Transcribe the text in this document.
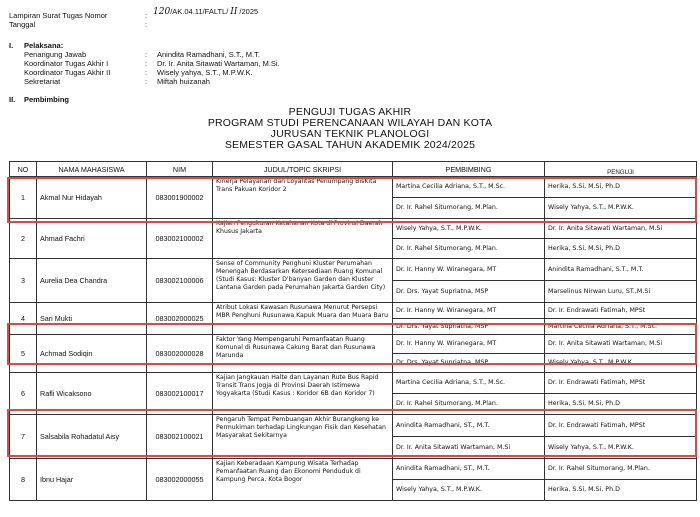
Lampiran Surat Tugas Nomor
Tanggal
:
:
120 /AK.04.11/FALTL/ II /2025
I. Pelaksana:
Penangung Jawab	: Anindita Ramadhani, S.T., M.T.
Koordinator Tugas Akhir I	: Dr. Ir. Anita Sitawati Wartaman, M.Si.
Koordinator Tugas Akhir II	: Wisely yahya, S.T., M.P.W.K.
Sekretariat	: Miftah huizanah
II. Pembimbing
PENGUJI TUGAS AKHIR
PROGRAM STUDI PERENCANAAN WILAYAH DAN KOTA
JURUSAN TEKNIK PLANOLOGI
SEMESTER GASAL TAHUN AKADEMIK 2024/2025
NO	NAMA MAHASISWA	NIM	JUDUL/TOPIC SKRIPSI	PEMBIMBING	PENGUJI
1	Akmal Nur Hidayah	083001900002	Kinerja Pelayanan dan Loyalitas Penumpang BisKita Trans Pakuan Koridor 2	Martina Cecilia Adriana, S.T., M.Sc.	Herika, S.Si, M.Si, Ph.D
				Dr. Ir. Rahel Situmorang, M.Plan.	Wisely Yahya, S.T., M.P.W.K.
2	Ahmad Fachri	083002100002	Kajian Pengukuran Ketahanan Kota di Provinsi Daerah Khusus Jakarta	Wisely Yahya, S.T., M.P.W.K.	Dr. Ir. Anita Sitawati Wartaman, M.Si
				Dr. Ir. Rahel Situmorang, M.Plan.	Herika, S.Si, M.Si, Ph.D
3	Aurelia Dea Chandra	083002100006	Sense of Community Penghuni Kluster Perumahan Menengah Berdasarkan Ketersediaan Ruang Komunal (Studi Kasus: Kluster D'banyan Garden dan Kluster Lantana Garden pada Perumahan Jakarta Garden City)	Dr. Ir. Hanny W. Wiranegara, MT	Anindita Ramadhani, S.T., M.T.
				Dr. Drs. Yayat Supriatna, MSP	Marselinus Nirwan Luru, ST.,M.Si
4	Sari Mukti	083002000025	Atribut Lokasi Kawasan Rusunawa Menurut Persepsi MBR Penghuni Rusunawa Kapuk Muara dan Muara Baru	Dr. Ir. Hanny W. Wiranegara, MT	Dr. Ir. Endrawati Fatimah, MPSt
				Dr. Drs. Yayat Supriatna, MSP	Martina Cecilia Adriana, S.T., M.Sc.
5	Achmad Sodiqin	083002000028	Faktor Yang Mempengaruhi Pemanfaatan Ruang Komunal di Rusunawa Cakung Barat dan Rusunawa Marunda	Dr. Ir. Hanny W. Wiranegara, MT	Dr. Ir. Anita Sitawati Wartaman, M.Si
				Dr. Drs. Yayat Supriatna, MSP	Wisely Yahya, S.T., M.P.W.K.
6	Rafli Wicaksono	083002100017	Kajian Jangkauan Halte dan Layanan Rute Bus Rapid Transit Trans Jogja di Provinsi Daerah Istimewa Yogyakarta (Studi Kasus : Koridor 6B dan Koridor 7)	Martina Cecilia Adriana, S.T., M.Sc.	Dr. Ir. Endrawati Fatimah, MPSt
				Dr. Ir. Rahel Situmorang, M.Plan.	Herika, S.Si, M.Si, Ph.D
7	Salsabila Rohadatul Aisy	083002100021	Pengaruh Tempat Pembuangan Akhir Burangkeng ke Permukiman terhadap Lingkungan Fisik dan Kesehatan Masyarakat Sekitarnya	Anindita Ramadhani, ST., M.T.	Dr. Ir. Endrawati Fatimah, MPSt
				Dr. Ir. Anita Sitawati Wartaman, M.Si	Wisely Yahya, S.T., M.P.W.K.
8	Ibnu Hajar	083002000055	Kajian Keberadaan Kampung Wisata Terhadap Pemanfaatan Ruang dan Ekonomi Penduduk di Kampung Perca, Kota Bogor	Anindita Ramadhani, ST., M.T.	Dr. Ir. Rahel Situmorang, M.Plan.
				Wisely Yahya, S.T., M.P.W.K.	Herika, S.Si, M.Si, Ph.D
